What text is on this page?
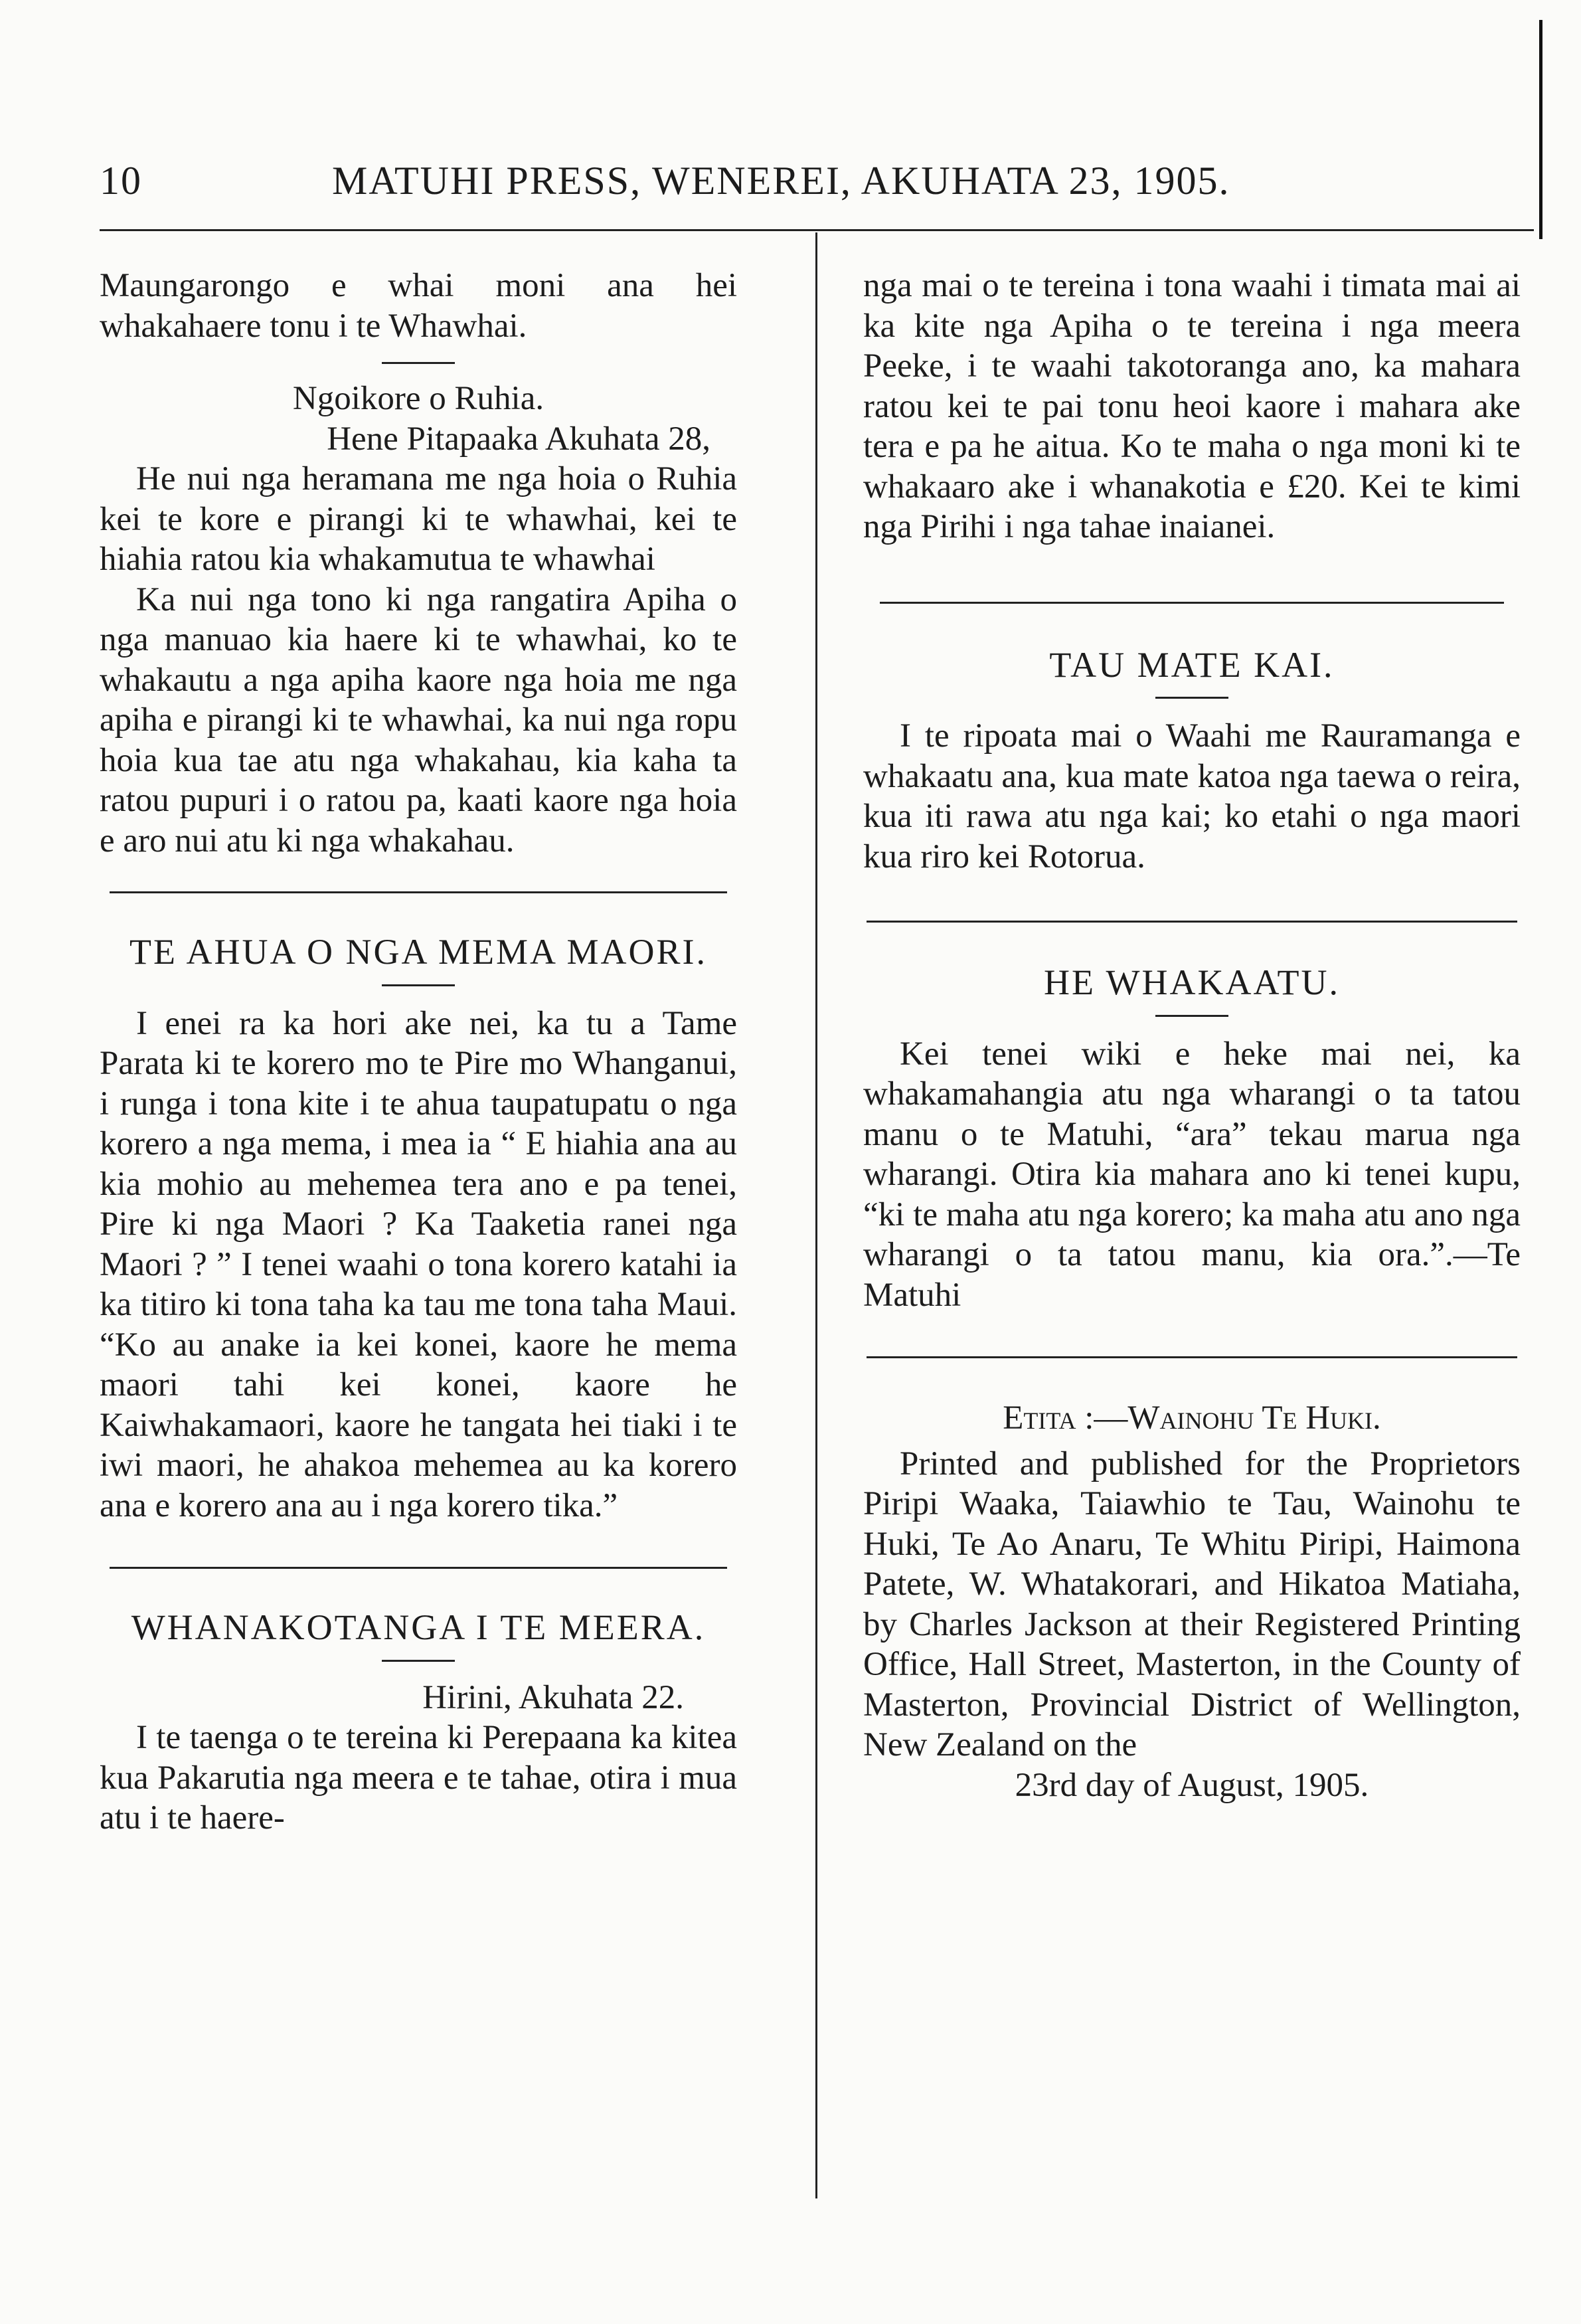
10	MATUHI PRESS, WENEREI, AKUHATA 23, 1905.

Maungarongo e whai moni ana hei whakahaere tonu i te Whawhai.

Ngoikore o Ruhia.

Hene Pitapaaka Akuhata 28,

He nui nga heramana me nga hoia o Ruhia kei te kore e pirangi ki te whawhai, kei te hiahia ratou kia whakamutua te whawhai

Ka nui nga tono ki nga rangatira Apiha o nga manuao kia haere ki te whawhai, ko te whakautu a nga apiha kaore nga hoia me nga apiha e pirangi ki te whawhai, ka nui nga ropu hoia kua tae atu nga whakahau, kia kaha ta ratou pupuri i o ratou pa, kaati kaore nga hoia e aro nui atu ki nga whakahau.

TE AHUA O NGA MEMA MAORI.

I enei ra ka hori ake nei, ka tu a Tame Parata ki te korero mo te Pire mo Whanganui, i runga i tona kite i te ahua taupatupatu o nga korero a nga mema, i mea ia “ E hiahia ana au kia mohio au mehemea tera ano e pa tenei, Pire ki nga Maori ? Ka Taaketia ranei nga Maori ? ” I tenei waahi o tona korero katahi ia ka titiro ki tona taha ka tau me tona taha Maui. “Ko au anake ia kei konei, kaore he mema maori tahi kei konei, kaore he Kaiwhakamaori, kaore he tangata hei tiaki i te iwi maori, he ahakoa mehemea au ka korero ana e korero ana au i nga korero tika.”

WHANAKOTANGA I TE MEERA.

Hirini, Akuhata 22.

I te taenga o te tereina ki Perepaana ka kitea kua Pakarutia nga meera e te tahae, otira i mua atu i te haere-

nga mai o te tereina i tona waahi i timata mai ai ka kite nga Apiha o te tereina i nga meera Peeke, i te waahi takotoranga ano, ka mahara ratou kei te pai tonu heoi kaore i mahara ake tera e pa he aitua. Ko te maha o nga moni ki te whakaaro ake i whanakotia e £20. Kei te kimi nga Pirihi i nga tahae inaianei.

TAU MATE KAI.

I te ripoata mai o Waahi me Rauramanga e whakaatu ana, kua mate katoa nga taewa o reira, kua iti rawa atu nga kai; ko etahi o nga maori kua riro kei Rotorua.

HE WHAKAATU.

Kei tenei wiki e heke mai nei, ka whakamahangia atu nga wharangi o ta tatou manu o te Matuhi, “ara” tekau marua nga wharangi. Otira kia mahara ano ki tenei kupu, “ki te maha atu nga korero; ka maha atu ano nga wharangi o ta tatou manu, kia ora.”.—Te Matuhi

Etita :—Wainohu Te Huki.

Printed and published for the Proprietors Piripi Waaka, Taiawhio te Tau, Wainohu te Huki, Te Ao Anaru, Te Whitu Piripi, Haimona Patete, W. Whatakorari, and Hikatoa Matiaha, by Charles Jackson at their Registered Printing Office, Hall Street, Masterton, in the County of Masterton, Provincial District of Wellington, New Zealand on the

23rd day of August, 1905.
